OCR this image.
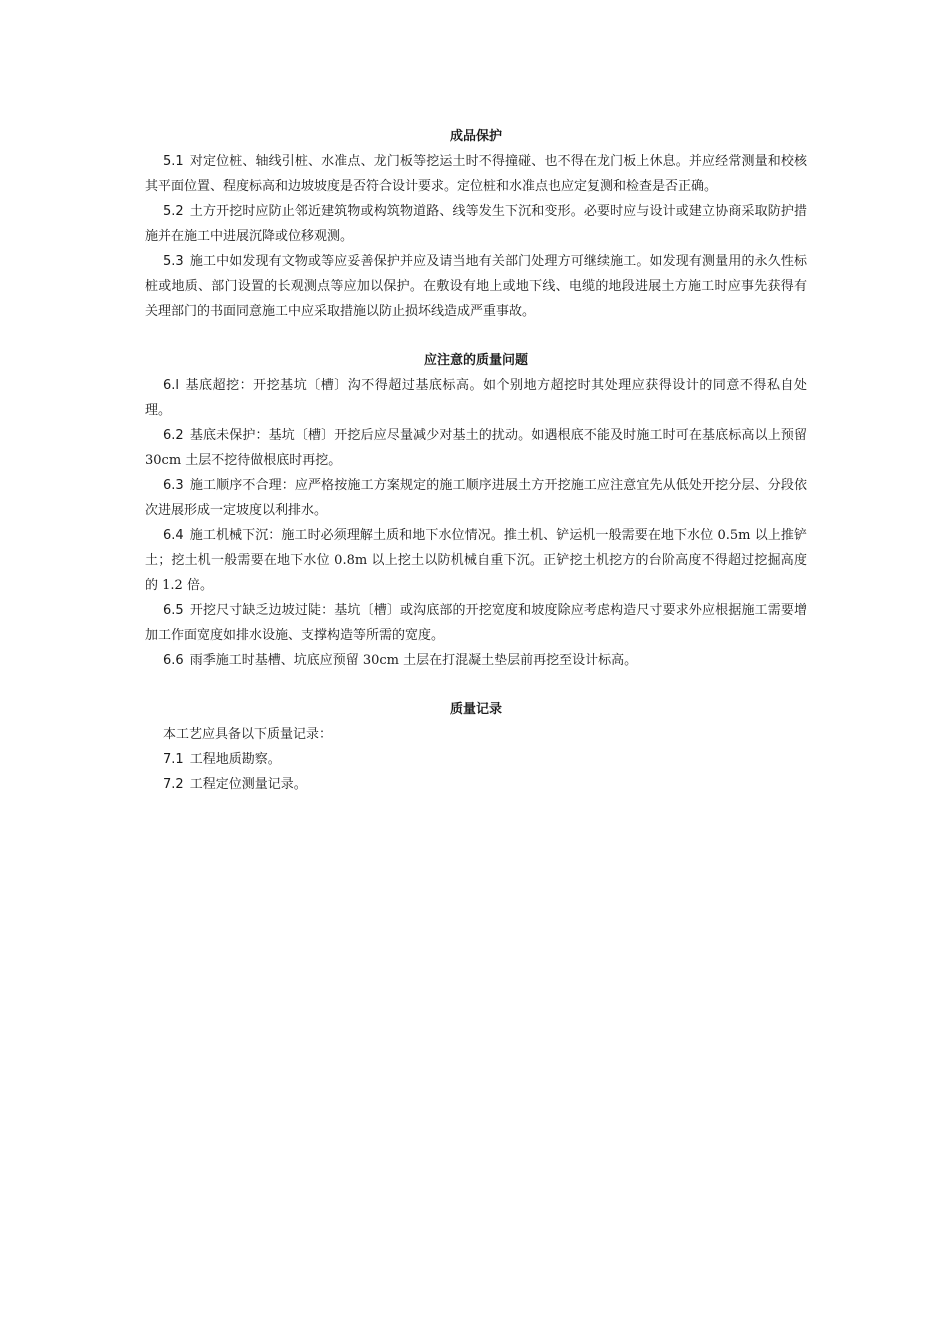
成品保护

5.1 对定位桩、轴线引桩、水准点、龙门板等挖运土时不得撞碰、也不得在龙门板上休息。并应经常测量和校核其平面位置、程度标高和边坡坡度是否符合设计要求。定位桩和水准点也应定复测和检查是否正确。

5.2 土方开挖时应防止邻近建筑物或构筑物道路、线等发生下沉和变形。必要时应与设计或建立协商采取防护措施并在施工中进展沉降或位移观测。

5.3 施工中如发现有文物或等应妥善保护并应及请当地有关部门处理方可继续施工。如发现有测量用的永久性标桩或地质、部门设置的长观测点等应加以保护。在敷设有地上或地下线、电缆的地段进展土方施工时应事先获得有关理部门的书面同意施工中应采取措施以防止损坏线造成严重事故。

应注意的质量问题

6.l 基底超挖：开挖基坑〔槽〕沟不得超过基底标高。如个别地方超挖时其处理应获得设计的同意不得私自处理。

6.2 基底未保护：基坑〔槽〕开挖后应尽量减少对基土的扰动。如遇根底不能及时施工时可在基底标高以上预留 30cm 土层不挖待做根底时再挖。

6.3 施工顺序不合理：应严格按施工方案规定的施工顺序进展土方开挖施工应注意宜先从低处开挖分层、分段依次进展形成一定坡度以利排水。

6.4 施工机械下沉：施工时必须理解土质和地下水位情况。推土机、铲运机一般需要在地下水位 0.5m 以上推铲土；挖土机一般需要在地下水位 0.8m 以上挖土以防机械自重下沉。正铲挖土机挖方的台阶高度不得超过挖掘高度的 1.2 倍。

6.5 开挖尺寸缺乏边坡过陡：基坑〔槽〕或沟底部的开挖宽度和坡度除应考虑构造尺寸要求外应根据施工需要增加工作面宽度如排水设施、支撑构造等所需的宽度。

6.6 雨季施工时基槽、坑底应预留 30cm 土层在打混凝土垫层前再挖至设计标高。

质量记录

本工艺应具备以下质量记录：

7.1 工程地质勘察。

7.2 工程定位测量记录。
